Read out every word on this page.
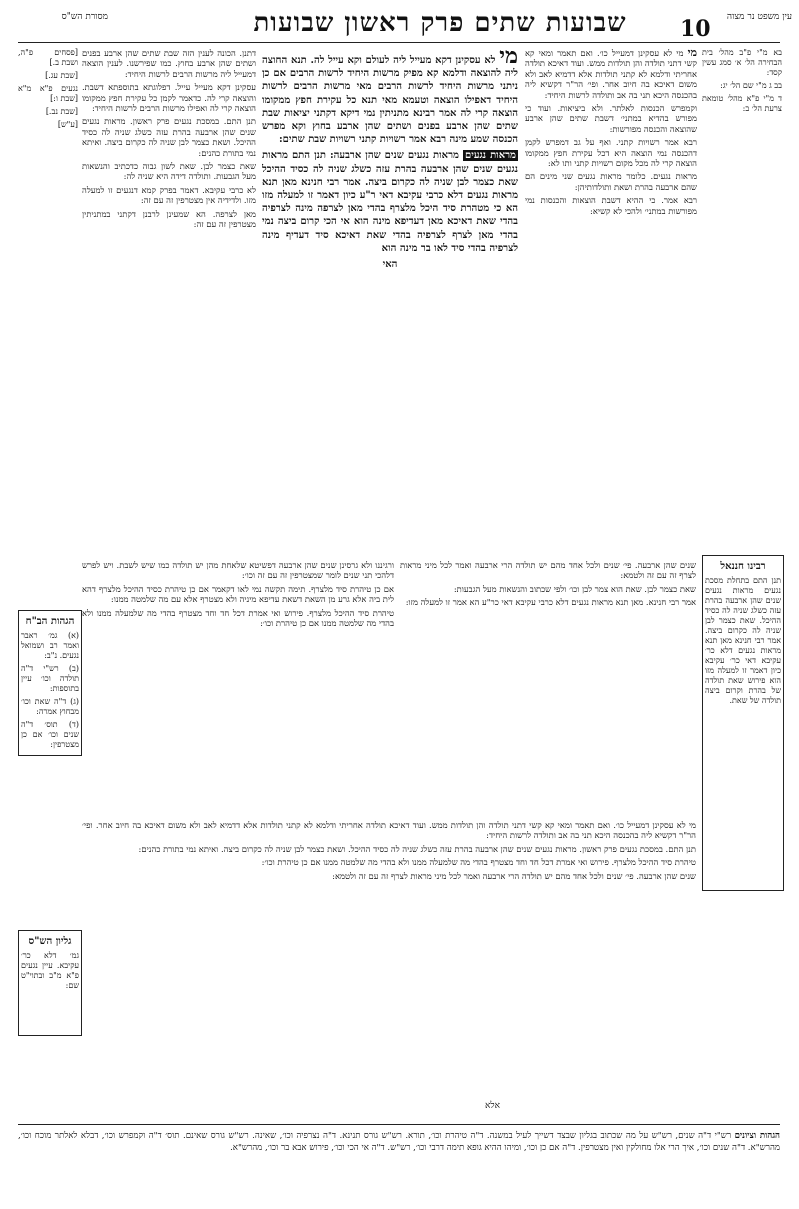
מסורת הש"ס	שבועות שתים פרק ראשון שבועות	10	עין משפט נר מצוה

בא מ"י פ"ב מהל׳ בית הבחירה הל׳ א׳ סמג עשין קסד:

בב ג מ"י שם הל׳ יג:

ד מ"י פ"א מהל׳ טומאת צרעת הל׳ ב:

מי מי לא עסקינן דמעייל כו׳. ואם תאמר ומאי קא קשי דתני תולדה והן תולדות ממש. ועוד דאיכא תולדה אחריתי ודלמא לא קתני תולדות אלא דדמיא לאב ולא משום דאיכא בה חיוב אחר. ופי׳ הר"ר דקשיא ליה בהכנסה היכא תני בה אב ותולדה לרשות היחיד:

וקמפרש הכנסות לאלתר. ולא ביציאות. ועוד כי מפורש בהדיא במתני׳ דשבת שתים שהן ארבע שהוצאה והכנסה מפורשות:

רבא אמר רשויות קתני. ואף על גב דמפרש לקמן דהכנסה נמי הוצאה היא דכל עקירת חפץ ממקומו הוצאה קרי לה מכל מקום רשויות קתני ותו לא:

מראות נגעים. כלומר מראות נגעים שני מינים הם שהם ארבעה בהרת ושאת ותולדותיהן:

רבא אמר. כי ההיא דשבת הוצאות והכנסות נמי מפורשות במתני׳ ולהכי לא קשיא:

מי לא עסקינן דקא מעייל ליה לעולם וקא עייל לה. תנא החוצה ליה להוצאה ודלמא קא מפיק מרשות היחיד לרשות הרבים אם כן ניתני מרשות היחיד לרשות הרבים מאי מרשות הרבים לרשות היחיד דאפילו הוצאה וטעמא מאי תנא כל עקירת חפץ ממקומו הוצאה קרי לה אמר רבינא מתניתין נמי דיקא דקתני יציאות שבת שתים שהן ארבע בפנים ושתים שהן ארבע בחוץ וקא מפרש הכנסה שמע מינה רבא אמר רשויות קתני רשויות שבת שתים:

מראות נגעים מראות נגעים שנים שהן ארבעה: תנן התם מראות נגעים שנים שהן ארבעה בהרת עזה כשלג שניה לה כסיד ההיכל שאת כצמר לבן שניה לה כקרום ביצה. אמר רבי חנינא מאן תנא מראות נגעים דלא כרבי עקיבא דאי ר"ע כיון דאמר זו למעלה מזו הא כי מטהרת סיד היכל מלצרף בהדי מאן לצרפה מינה לצרפיה בהדי שאת דאיכא מאן דעדיפא מינה הוא אי הכי קרום ביצה נמי בהדי מאן לצרף לצרפיה בהדי שאת דאיכא סיד דעדיף מינה לצרפיה בהדי סיד לאו בר מינה הוא

האי

דתנן. הכונה לענין הזה שבת שתים שהן ארבע בפנים ושתים שהן ארבע בחוץ. כמו שפירשנו. לענין הוצאה דמעייל ליה מרשות הרבים לרשות היחיד:

עסקינן דקא מעייל עייל. דפלוגתא בתוספתא דשבת. והוצאה קרי לה. כדאמר לקמן כל עקירת חפץ ממקומו הוצאה קרי לה ואפילו מרשות הרבים לרשות היחיד:

תנן התם. במסכת נגעים פרק ראשון. מראות נגעים שנים שהן ארבעה בהרת עזה כשלג שניה לה כסיד ההיכל. ושאת כצמר לבן שניה לה כקרום ביצה. ואיתא נמי בתורת כהנים:

שאת כצמר לבן. שאת לשון גבוה כדכתיב והנשאות מעל הגבעות. ותולדה דידה היא שניה לה:

לא כרבי עקיבא. דאמר בפרק קמא דנגעים זו למעלה מזו. ולדידיה אין מצטרפין זה עם זה:

מאן לצרפה. הא שמעינן לרבנן דקתני במתניתין מצטרפין זה עם זה:

[פסחים פ"ה, ושבת ב.]

[שבת עג.]

נגעים פ"א מ"א [שבת ו:]

[שבת נב.]

[ע"ש]

רבינו חננאל

תנן התם בתחלת מסכת נגעים מראות נגעים שנים שהן ארבעה בהרת עזה כשלג שניה לה כסיד ההיכל. שאת כצמר לבן שניה לה כקרום ביצה. אמר רבי חנינא מאן תנא מראות נגעים דלא כר׳ עקיבא דאי כר׳ עקיבא כיון דאמר זו למעלה מזו הוא פירוש שאת תולדה של בהרת וקרום ביצה תולדה של שאת.

שנים שהן ארבעה. פי׳ שנים ולכל אחד מהם יש תולדה הרי ארבעה ואמר לכל מיני מראות לצרף זה עם זה ולטמא:

שאת כצמר לבן. שאת הוא צמר לבן וכו׳ ולפי שכתוב והנשאות מעל הגבעות:

אמר רבי חנינא. מאן תנא מראות נגעים דלא כרבי עקיבא דאי כר"ע הא אמר זו למעלה מזו:

ורגיננו ולא גרסינן שנים שהן ארבעה דפשיטא שלאחת מהן יש תולדה כמו שיש לשבת. ויש לפרש דלהכי תני שנים לומר שמצטרפין זה עם זה וכו׳:

אם כן טיהרת סיד מלצרף. תימה תקשה נמי לאו דקאמר אם כן טיהרת כסיד ההיכל מלצרף דהא לית ביה אלא גרע מן השאת דשאת עדיפא מיניה ולא מצטרף אלא עם מה שלמטה ממנו:

טיהרת סיד ההיכל מלצרף. פירוש ואי אמרת דכל חד וחד מצטרף בהדי מה שלמעלה ממנו ולא בהדי מה שלמטה ממנו אם כן טיהרת וכו׳:

מי לא עסקינן דמעייל כו׳. ואם תאמר ומאי קא קשי דתני תולדה והן תולדות ממש. ועוד דאיכא תולדה אחריתי ודלמא לא קתני תולדות אלא דדמיא לאב ולא משום דאיכא בה חיוב אחר. ופי׳ הר"ר דקשיא ליה בהכנסה היכא תני בה אב ותולדה לרשות היחיד:

תנן התם. במסכת נגעים פרק ראשון. מראות נגעים שנים שהן ארבעה בהרת עזה כשלג שניה לה כסיד ההיכל. ושאת כצמר לבן שניה לה כקרום ביצה. ואיתא נמי בתורת כהנים:

טיהרת סיד ההיכל מלצרף. פירוש ואי אמרת דכל חד וחד מצטרף בהדי מה שלמעלה ממנו ולא בהדי מה שלמטה ממנו אם כן טיהרת וכו׳:

שנים שהן ארבעה. פי׳ שנים ולכל אחד מהם יש תולדה הרי ארבעה ואמר לכל מיני מראות לצרף זה עם זה ולטמא:

אלא
הגהות הב"ח

(א) גמ׳ ראבר ואמר רב ושמואל נגעים. נ"ב:

(ב) רש"י ד"ה תולדה וכו׳ עיין בתוספות:

(ג) ד"ה שאת וכו׳ מבחוץ אמרה:

(ד) תוס׳ ד"ה שנים וכו׳ אם כן מצטרפין:

גליון הש"ס

גמ׳ דלא כר׳ עקיבא. עיין נגעים פ"א מ"ב ובתוי"ט שם:

הגהות וציונים רש"י ד"ה שנים, רש"ש על מה שכתוב בגליון שבצד דשייך לעיל במשנה. ד"ה טיהרת וכו׳, תורא. רש"ש גורס תנינא. ד"ה נצרפיה וכו׳, שאינה. רש"ש גורס שאינם. תוס׳ ד"ה וקמפרש וכו׳, דבלא לאלתר מוכח וכו׳, מהרש"א. ד"ה שנים וכו׳, איך הרי אלו מחולקין ואין מצטרפין. ד"ה אם כן וכו׳, ומיהו ההיא גופא תימה דרבי וכו׳, רש"ש. ד"ה אי הכי וכו׳, פירוש אבא בר וכו׳, מהרש"א.
